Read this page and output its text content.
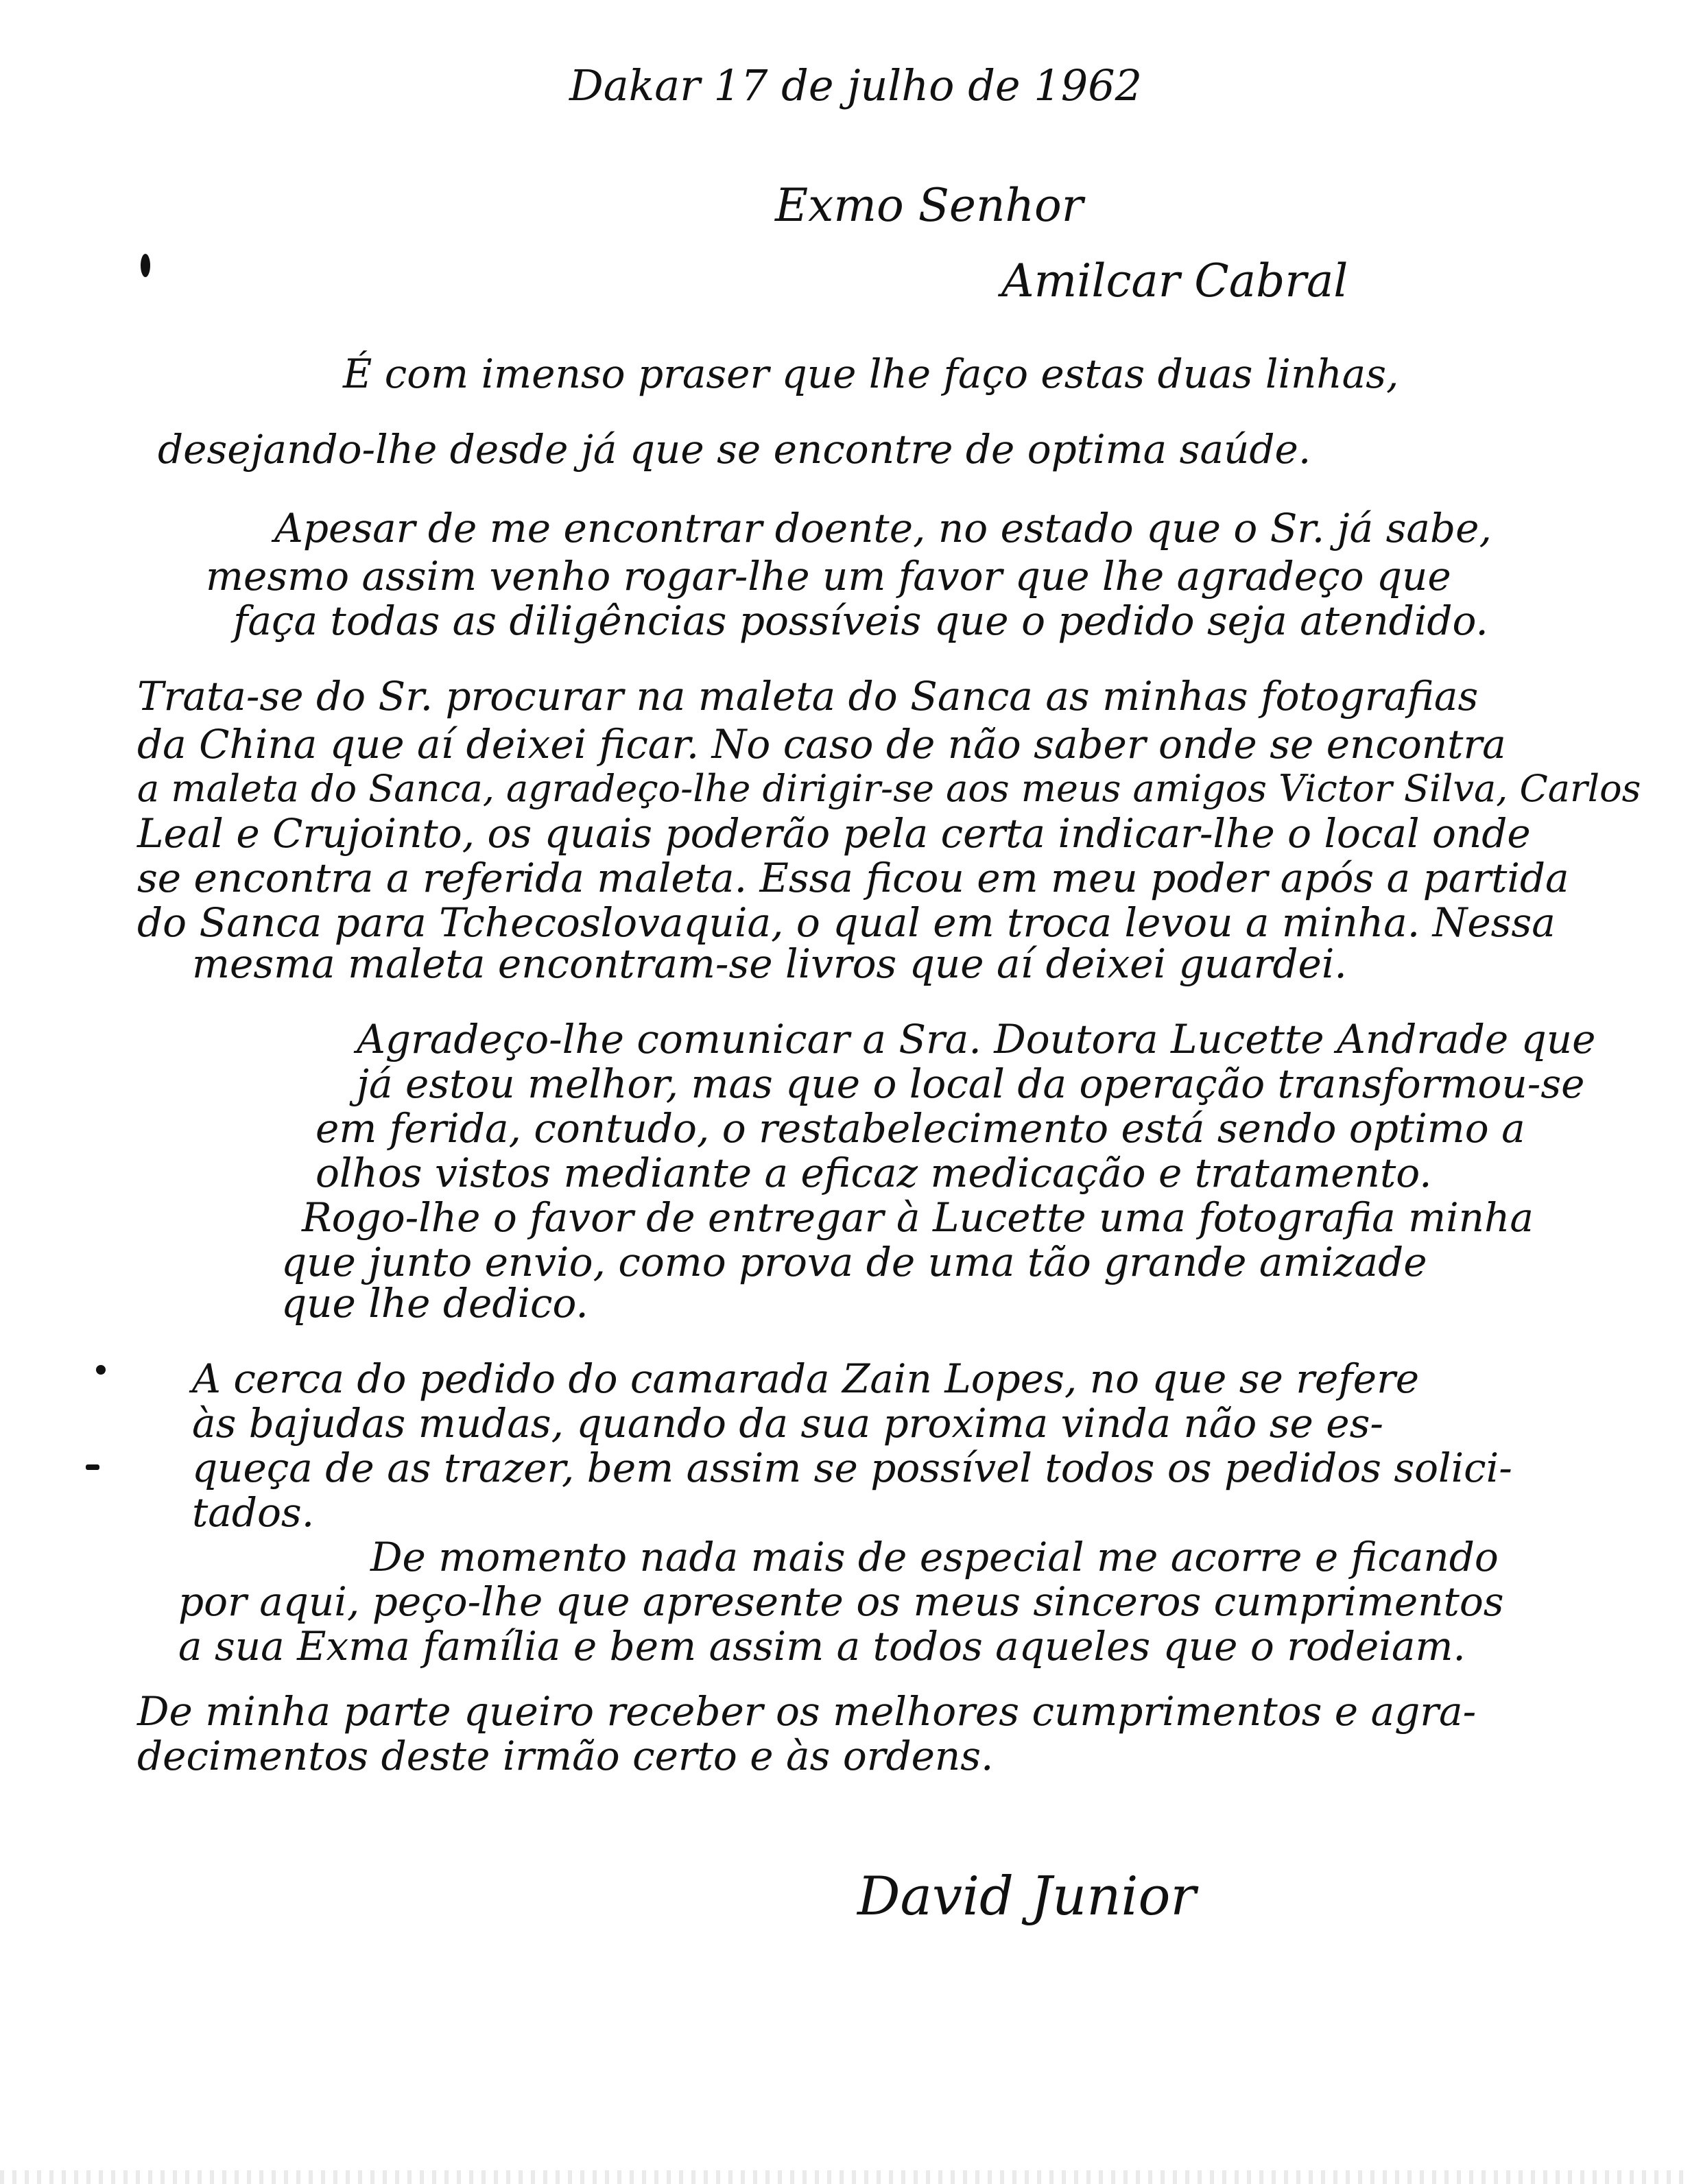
Dakar 17 de julho de 1962
Exmo Senhor
Amilcar Cabral
É com imenso praser que lhe faço estas duas linhas,
desejando-lhe desde já que se encontre de optima saúde.
Apesar de me encontrar doente, no estado que o Sr. já sabe,
mesmo assim venho rogar-lhe um favor que lhe agradeço que
faça todas as diligências possíveis que o pedido seja atendido.
Trata-se do Sr. procurar na maleta do Sanca as minhas fotografias
da China que aí deixei ficar. No caso de não saber onde se encontra
a maleta do Sanca, agradeço-lhe dirigir-se aos meus amigos Victor Silva, Carlos
Leal e Crujointo, os quais poderão pela certa indicar-lhe o local onde
se encontra a referida maleta. Essa ficou em meu poder após a partida
do Sanca para Tchecoslovaquia, o qual em troca levou a minha. Nessa
mesma maleta encontram-se livros que aí deixei guardei.
Agradeço-lhe comunicar a Sra. Doutora Lucette Andrade que
já estou melhor, mas que o local da operação transformou-se
em ferida, contudo, o restabelecimento está sendo optimo a
olhos vistos mediante a eficaz medicação e tratamento.
Rogo-lhe o favor de entregar à Lucette uma fotografia minha
que junto envio, como prova de uma tão grande amizade
que lhe dedico.
A cerca do pedido do camarada Zain Lopes, no que se refere
às bajudas mudas, quando da sua proxima vinda não se es-
queça de as trazer, bem assim se possível todos os pedidos solici-
tados.
De momento nada mais de especial me acorre e ficando
por aqui, peço-lhe que apresente os meus sinceros cumprimentos
a sua Exma família e bem assim a todos aqueles que o rodeiam.
De minha parte queiro receber os melhores cumprimentos e agra-
decimentos deste irmão certo e às ordens.
David Junior
